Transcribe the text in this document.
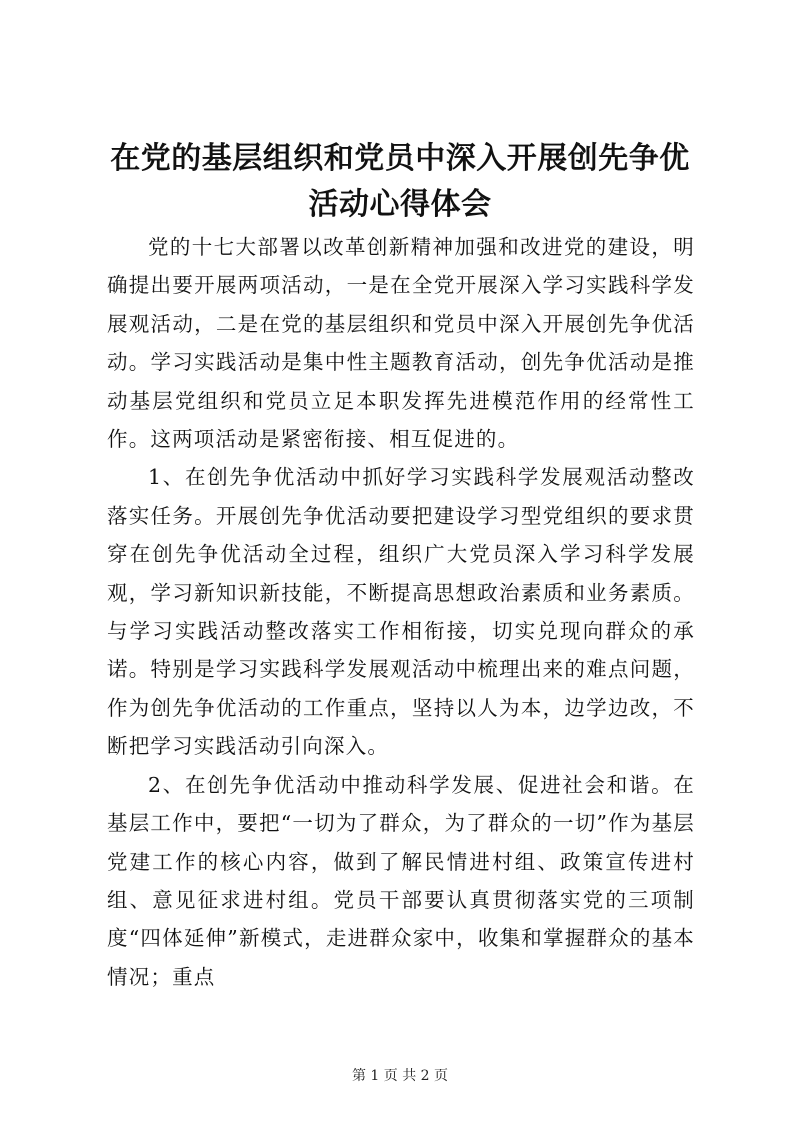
在党的基层组织和党员中深入开展创先争优活动心得体会

党的十七大部署以改革创新精神加强和改进党的建设，明确提出要开展两项活动，一是在全党开展深入学习实践科学发展观活动，二是在党的基层组织和党员中深入开展创先争优活动。学习实践活动是集中性主题教育活动，创先争优活动是推动基层党组织和党员立足本职发挥先进模范作用的经常性工作。这两项活动是紧密衔接、相互促进的。

1、在创先争优活动中抓好学习实践科学发展观活动整改落实任务。开展创先争优活动要把建设学习型党组织的要求贯穿在创先争优活动全过程，组织广大党员深入学习科学发展观，学习新知识新技能，不断提高思想政治素质和业务素质。与学习实践活动整改落实工作相衔接，切实兑现向群众的承诺。特别是学习实践科学发展观活动中梳理出来的难点问题，作为创先争优活动的工作重点，坚持以人为本，边学边改，不断把学习实践活动引向深入。

2、在创先争优活动中推动科学发展、促进社会和谐。在基层工作中，要把“一切为了群众，为了群众的一切”作为基层党建工作的核心内容，做到了解民情进村组、政策宣传进村组、意见征求进村组。党员干部要认真贯彻落实党的三项制度“四体延伸”新模式，走进群众家中，收集和掌握群众的基本情况；重点

第 1 页 共 2 页
